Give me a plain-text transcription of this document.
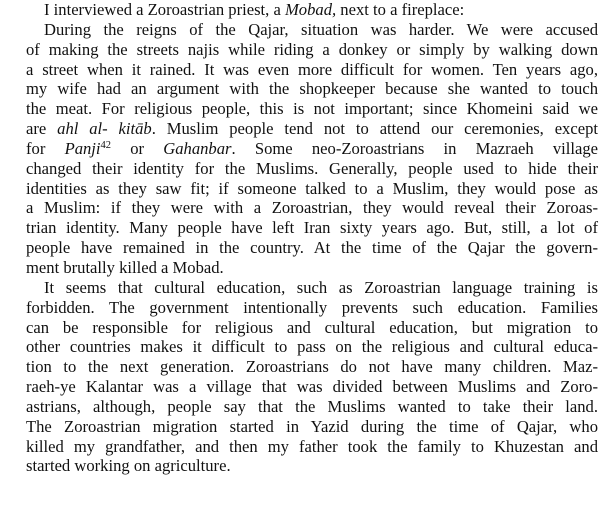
I interviewed a Zoroastrian priest, a Mobad, next to a fireplace:
During the reigns of the Qajar, situation was harder. We were accused
of making the streets najis while riding a donkey or simply by walking down
a street when it rained. It was even more difficult for women. Ten years ago,
my wife had an argument with the shopkeeper because she wanted to touch
the meat. For religious people, this is not important; since Khomeini said we
are ahl al- kitāb. Muslim people tend not to attend our ceremonies, except
for Panji$^{42}$ or Gahanbar. Some neo-Zoroastrians in Mazraeh village
changed their identity for the Muslims. Generally, people used to hide their
identities as they saw fit; if someone talked to a Muslim, they would pose as
a Muslim: if they were with a Zoroastrian, they would reveal their Zoroas-
trian identity. Many people have left Iran sixty years ago. But, still, a lot of
people have remained in the country. At the time of the Qajar the govern-
ment brutally killed a Mobad.
It seems that cultural education, such as Zoroastrian language training is
forbidden. The government intentionally prevents such education. Families
can be responsible for religious and cultural education, but migration to
other countries makes it difficult to pass on the religious and cultural educa-
tion to the next generation. Zoroastrians do not have many children. Maz-
raeh-ye Kalantar was a village that was divided between Muslims and Zoro-
astrians, although, people say that the Muslims wanted to take their land.
The Zoroastrian migration started in Yazid during the time of Qajar, who
killed my grandfather, and then my father took the family to Khuzestan and
started working on agriculture.
